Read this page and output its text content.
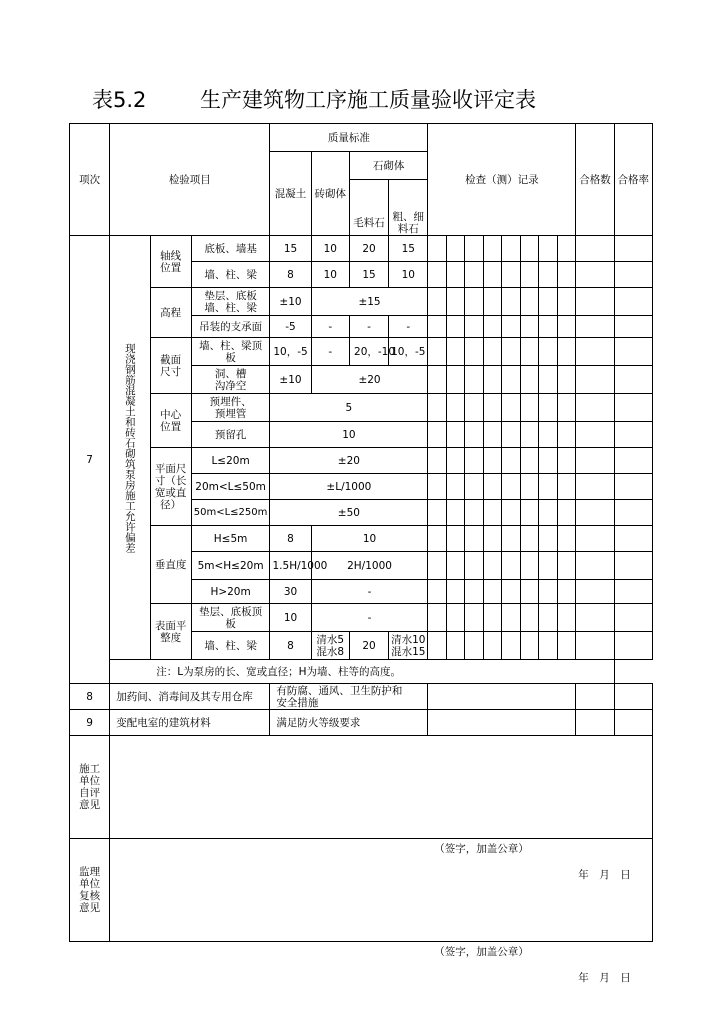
表5.2	生产建筑物工序施工质量验收评定表
项次	检验项目			质量标准				检查（测）记录								合格数	合格率
				混凝土	砖砌体	石砌体											
						毛料石	粗、细料石										

7	现浇钢筋混凝土和砖石砌筑泵房施工允许偏差	轴线位置	底板、墙基	15	10	20	15										
			墙、柱、梁	8	10	15	10										
		高程	垫层、底板墙、柱、梁	±10	±15												
			吊装的支承面	-5	-	-	-										

		截面尺寸	墙、柱、梁顶板	10，-5	-	20，-10	10，-5										

			洞、槽沟净空	±10	±20												

		中心位置	预埋件、预埋管	5													
			预留孔	10													

		平面尺寸（长宽或直径）	L≤20m	±20													
			20m<L≤50m	±L/1000													
			50m<L≤250m	±50													
		垂直度	H≤5m	8	10												
			5m<H≤20m	1.5H/1000	2H/1000												
			H>20m	30	-												

		表面平整度	垫层、底板顶板	10	-												
			墙、柱、梁	8	清水5混水8	20	清水10混水15										

	注：L为泵房的长、宽或直径；H为墙、柱等的高度。																
8	加药间、消毒间及其专用仓库			有防腐、通风、卫生防护和安全措施													

9	变配电室的建筑材料			满足防火等级要求													

施工单位自评意见	（签字，加盖公章）
年　月　日																

监理单位复核意见	（签字，加盖公章）
年　月　日																
